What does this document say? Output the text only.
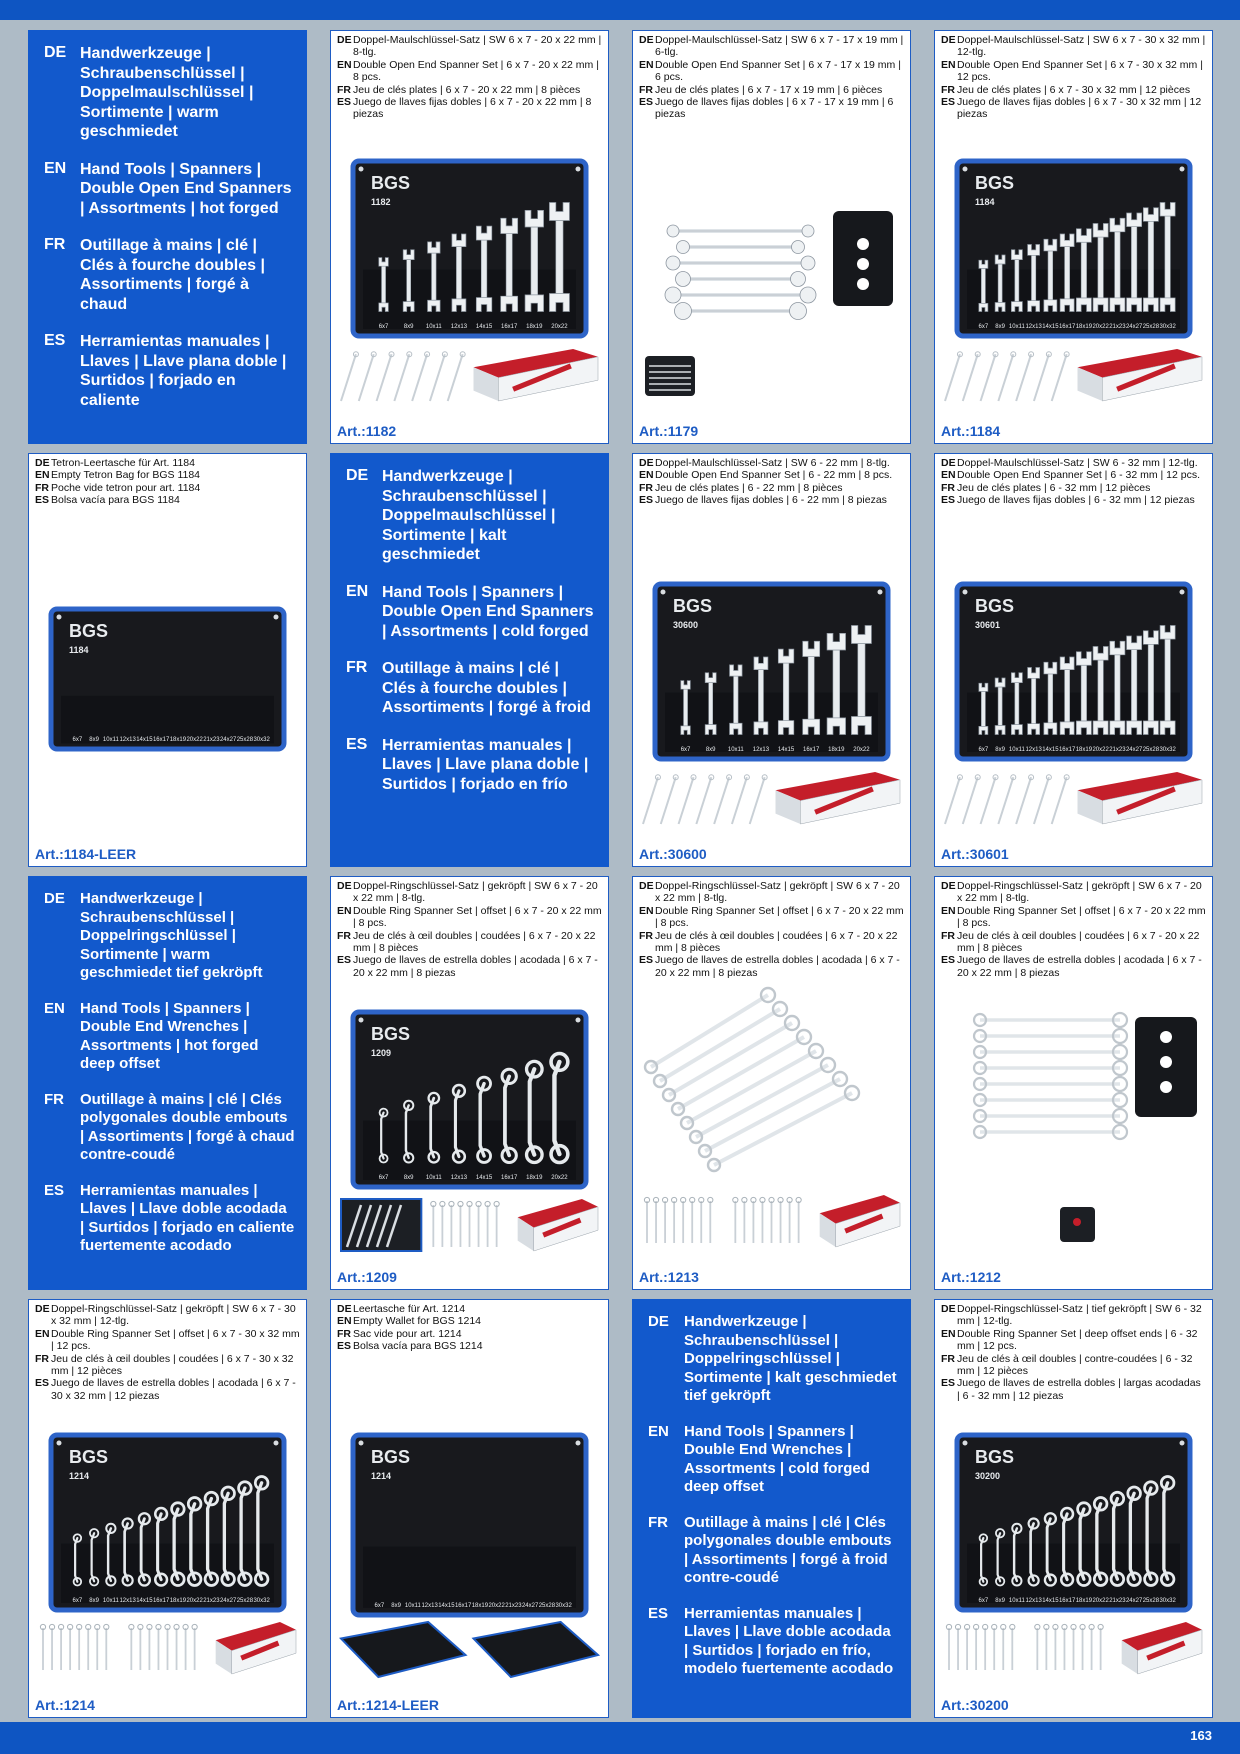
DE Handwerkzeuge | Schraubenschlüssel | Doppelmaulschlüssel | Sortimente | warm geschmiedet
EN Hand Tools | Spanners | Double Open End Spanners | Assortments | hot forged
FR Outillage à mains | clé | Clés à fourche doubles | Assortiments | forgé à chaud
ES Herramientas manuales | Llaves | Llave plana doble | Surtidos | forjado en caliente
DE Doppel-Maulschlüssel-Satz | SW 6 x 7 - 20 x 22 mm | 8-tlg.
EN Double Open End Spanner Set | 6 x 7 - 20 x 22 mm | 8 pcs.
FR Jeu de clés plates | 6 x 7 - 20 x 22 mm | 8 pièces
ES Juego de llaves fijas dobles | 6 x 7 - 20 x 22 mm | 8 piezas
BGS
1182
6x7	8x9 10x11 12x13 14x15 16x17 18x19 20x22
Art.:1182
DE Doppel-Maulschlüssel-Satz | SW 6 x 7 - 17 x 19 mm | 6-tlg.
EN Double Open End Spanner Set | 6 x 7 - 17 x 19 mm | 6 pcs.
FR Jeu de clés plates | 6 x 7 - 17 x 19 mm | 6 pièces
ES Juego de llaves fijas dobles | 6 x 7 - 17 x 19 mm | 6 piezas
Art.:1179
DE Doppel-Maulschlüssel-Satz | SW 6 x 7 - 30 x 32 mm | 12-tlg.
EN Double Open End Spanner Set | 6 x 7 - 30 x 32 mm | 12 pcs.
FR Jeu de clés plates | 6 x 7 - 30 x 32 mm | 12 pièces
ES Juego de llaves fijas dobles | 6 x 7 - 30 x 32 mm | 12 piezas
BGS
1184
6x7 8x9 10x11 12x13 14x15 16x17 18x19 20x22 21x23 24x27 25x28 30x32
Art.:1184
DE Tetron-Leertasche für Art. 1184
EN Empty Tetron Bag for BGS 1184
FR Poche vide tetron pour art. 1184
ES Bolsa vacía para BGS 1184
BGS
1184
6x7 8x9 10x11 12x13 14x15 16x17 18x19 20x22 21x23 24x27 25x28 30x32
Art.:1184-LEER
DE Handwerkzeuge | Schraubenschlüssel | Doppelmaulschlüssel | Sortimente | kalt geschmiedet
EN Hand Tools | Spanners | Double Open End Spanners | Assortments | cold forged
FR Outillage à mains | clé | Clés à fourche doubles | Assortiments | forgé à froid
ES Herramientas manuales | Llaves | Llave plana doble | Surtidos | forjado en frío
DE Doppel-Maulschlüssel-Satz | SW 6 - 22 mm | 8-tlg.
EN Double Open End Spanner Set | 6 - 22 mm | 8 pcs.
FR Jeu de clés plates | 6 - 22 mm | 8 pièces
ES Juego de llaves fijas dobles | 6 - 22 mm | 8 piezas
BGS
30600
6x7	8x9 10x11 12x13 14x15 16x17 18x19 20x22
Art.:30600
DE Doppel-Maulschlüssel-Satz | SW 6 - 32 mm | 12-tlg.
EN Double Open End Spanner Set | 6 - 32 mm | 12 pcs.
FR Jeu de clés plates | 6 - 32 mm | 12 pièces
ES Juego de llaves fijas dobles | 6 - 32 mm | 12 piezas
BGS
30601
6x7 8x9 10x11 12x13 14x15 16x17 18x19 20x22 21x23 24x27 25x28 30x32
Art.:30601
DE	Handwerkzeuge | Schraubenschlüssel | Doppelringschlüssel | Sortimente | warm geschmiedet tief gekröpft
EN	Hand Tools | Spanners | Double End Wrenches | Assortments | hot forged deep offset
FR	Outillage à mains | clé | Clés polygonales double embouts | Assortiments | forgé à chaud contre-coudé
ES	Herramientas manuales | Llaves | Llave doble acodada | Surtidos | forjado en caliente fuertemente acodado
DE Doppel-Ringschlüssel-Satz | gekröpft | SW 6 x 7 - 20 x 22 mm | 8-tlg.
EN Double Ring Spanner Set | offset | 6 x 7 - 20 x 22 mm | 8 pcs.
FR Jeu de clés à œil doubles | coudées | 6 x 7 - 20 x 22 mm | 8 pièces
ES Juego de llaves de estrella dobles | acodada | 6 x 7 - 20 x 22 mm | 8 piezas
BGS
1209
6x7	8x9 10x11 12x13 14x15 16x17 18x19 20x22
Art.:1209
DE Doppel-Ringschlüssel-Satz | gekröpft | SW 6 x 7 - 20 x 22 mm | 8-tlg.
EN Double Ring Spanner Set | offset | 6 x 7 - 20 x 22 mm | 8 pcs.
FR Jeu de clés à œil doubles | coudées | 6 x 7 - 20 x 22 mm | 8 pièces
ES Juego de llaves de estrella dobles | acodada | 6 x 7 - 20 x 22 mm | 8 piezas
Art.:1213
DE Doppel-Ringschlüssel-Satz | gekröpft | SW 6 x 7 - 20 x 22 mm | 8-tlg.
EN Double Ring Spanner Set | offset | 6 x 7 - 20 x 22 mm | 8 pcs.
FR Jeu de clés à œil doubles | coudées | 6 x 7 - 20 x 22 mm | 8 pièces
ES Juego de llaves de estrella dobles | acodada | 6 x 7 - 20 x 22 mm | 8 piezas
Art.:1212
DE Doppel-Ringschlüssel-Satz | gekröpft | SW 6 x 7 - 30 x 32 mm | 12-tlg.
EN Double Ring Spanner Set | offset | 6 x 7 - 30 x 32 mm | 12 pcs.
FR Jeu de clés à œil doubles | coudées | 6 x 7 - 30 x 32 mm | 12 pièces
ES Juego de llaves de estrella dobles | acodada | 6 x 7 - 30 x 32 mm | 12 piezas
BGS
1214
6x7 8x9 10x11 12x13 14x15 16x17 18x19 20x22 21x23 24x27 25x28 30x32
Art.:1214
DE Leertasche für Art. 1214
EN Empty Wallet for BGS 1214
FR Sac vide pour art. 1214
ES Bolsa vacía para BGS 1214
BGS
1214
6x7 8x9 10x11 12x13 14x15 16x17 18x19 20x22 21x23 24x27 25x28 30x32
Art.:1214-LEER
DE	Handwerkzeuge | Schraubenschlüssel | Doppelringschlüssel | Sortimente | kalt geschmiedet tief gekröpft
EN	Hand Tools | Spanners | Double End Wrenches | Assortments | cold forged deep offset
FR	Outillage à mains | clé | Clés polygonales double embouts | Assortiments | forgé à froid contre-coudé
ES	Herramientas manuales | Llaves | Llave doble acodada | Surtidos | forjado en frío, modelo fuertemente acodado
DE Doppel-Ringschlüssel-Satz | tief gekröpft | SW 6 - 32 mm | 12-tlg.
EN Double Ring Spanner Set | deep offset ends | 6 - 32 mm | 12 pcs.
FR Jeu de clés à œil doubles | contre-coudées | 6 - 32 mm | 12 pièces
ES Juego de llaves de estrella dobles | largas acodadas | 6 - 32 mm | 12 piezas
BGS
30200
6x7 8x9 10x11 12x13 14x15 16x17 18x19 20x22 21x23 24x27 25x28 30x32
Art.:30200
163
